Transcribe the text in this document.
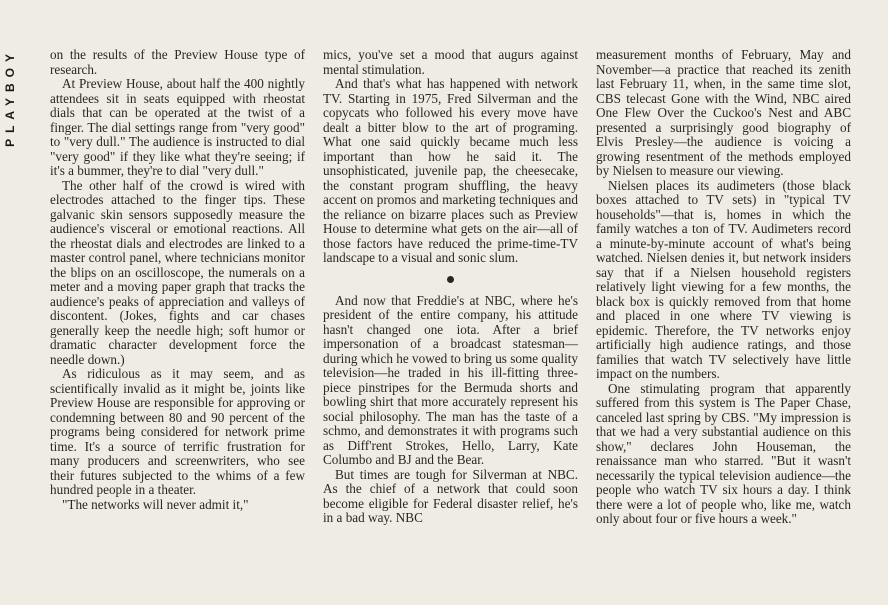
PLAYBOY	on the results of the Preview House type of research.

At Preview House, about half the 400 nightly attendees sit in seats equipped with rheostat dials that can be operated at the twist of a finger. The dial settings range from "very good" to "very dull." The audience is instructed to dial "very good" if they like what they're seeing; if it's a bummer, they're to dial "very dull."

The other half of the crowd is wired with electrodes attached to the finger tips. These galvanic skin sensors supposedly measure the audience's visceral or emotional reactions. All the rheostat dials and electrodes are linked to a master control panel, where technicians monitor the blips on an oscilloscope, the numerals on a meter and a moving paper graph that tracks the audience's peaks of appreciation and valleys of discontent. (Jokes, fights and car chases generally keep the needle high; soft humor or dramatic character development force the needle down.)

As ridiculous as it may seem, and as scientifically invalid as it might be, joints like Preview House are responsible for approving or condemning between 80 and 90 percent of the programs being considered for network prime time. It's a source of terrific frustration for many producers and screenwriters, who see their futures subjected to the whims of a few hundred people in a theater.

"The networks will never admit it,"

mics, you've set a mood that augurs against mental stimulation.

And that's what has happened with network TV. Starting in 1975, Fred Silverman and the copycats who followed his every move have dealt a bitter blow to the art of programing. What one said quickly became much less important than how he said it. The unsophisticated, juvenile pap, the cheesecake, the constant program shuffling, the heavy accent on promos and marketing techniques and the reliance on bizarre places such as Preview House to determine what gets on the air—all of those factors have reduced the prime-time-TV landscape to a visual and sonic slum.

And now that Freddie's at NBC, where he's president of the entire company, his attitude hasn't changed one iota. After a brief impersonation of a broadcast statesman—during which he vowed to bring us some quality television—he traded in his ill-fitting three-piece pinstripes for the Bermuda shorts and bowling shirt that more accurately represent his social philosophy. The man has the taste of a schmo, and demonstrates it with programs such as Diff'rent Strokes, Hello, Larry, Kate Columbo and BJ and the Bear.

But times are tough for Silverman at NBC. As the chief of a network that could soon become eligible for Federal disaster relief, he's in a bad way. NBC

measurement months of February, May and November—a practice that reached its zenith last February 11, when, in the same time slot, CBS telecast Gone with the Wind, NBC aired One Flew Over the Cuckoo's Nest and ABC presented a surprisingly good biography of Elvis Presley—the audience is voicing a growing resentment of the methods employed by Nielsen to measure our viewing.

Nielsen places its audimeters (those black boxes attached to TV sets) in "typical TV households"—that is, homes in which the family watches a ton of TV. Audimeters record a minute-by-minute account of what's being watched. Nielsen denies it, but network insiders say that if a Nielsen household registers relatively light viewing for a few months, the black box is quickly removed from that home and placed in one where TV viewing is epidemic. Therefore, the TV networks enjoy artificially high audience ratings, and those families that watch TV selectively have little impact on the numbers.

One stimulating program that apparently suffered from this system is The Paper Chase, canceled last spring by CBS. "My impression is that we had a very substantial audience on this show," declares John Houseman, the renaissance man who starred. "But it wasn't necessarily the typical television audience—the people who watch TV six hours a day. I think there were a lot of people who, like me, watch only about four or five hours a week."
